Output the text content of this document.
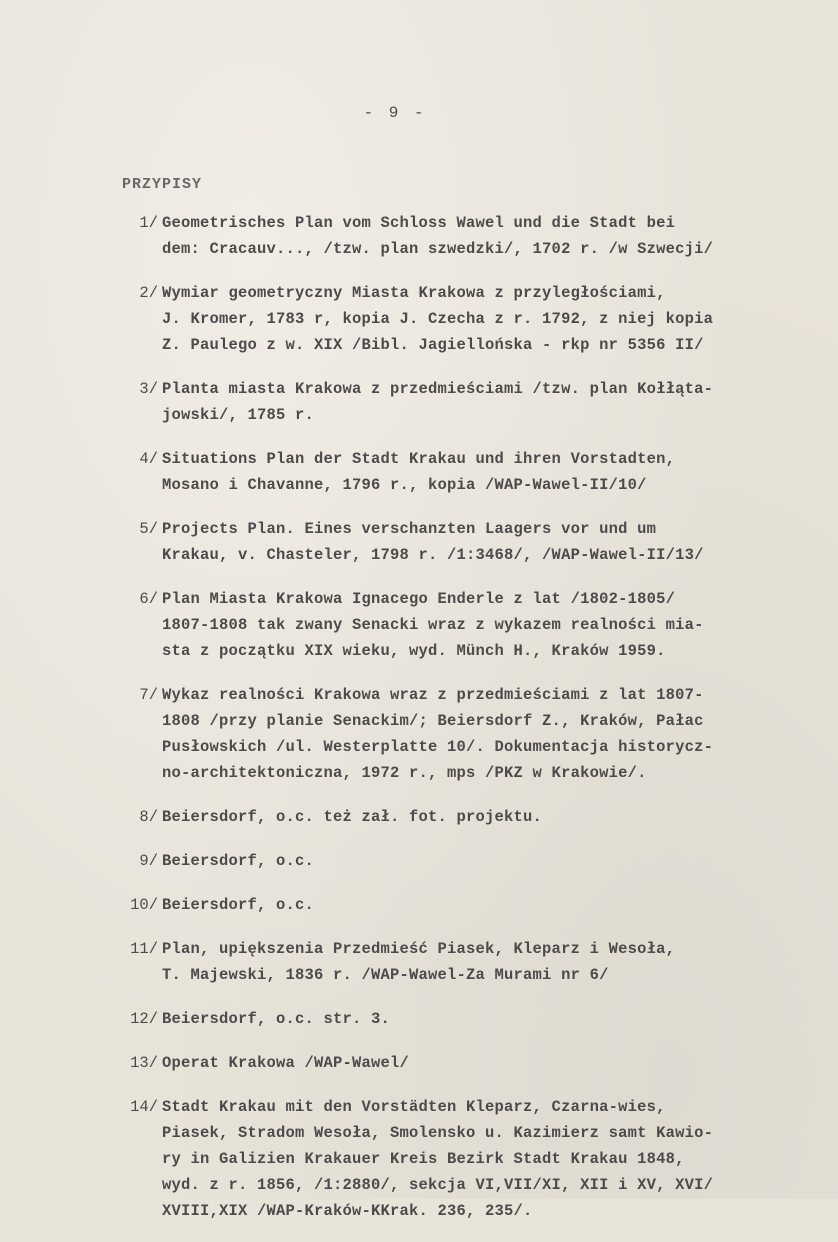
- 9 -
PRZYPISY
1/ Geometrisches Plan vom Schloss Wawel und die Stadt bei
dem: Cracauv..., /tzw. plan szwedzki/, 1702 r. /w Szwecji/
2/ Wymiar geometryczny Miasta Krakowa z przyległościami,
J. Kromer, 1783 r, kopia J. Czecha z r. 1792, z niej kopia
Z. Paulego z w. XIX /Bibl. Jagiellońska - rkp nr 5356 II/
3/ Planta miasta Krakowa z przedmieściami /tzw. plan Kołłąta-
jowski/, 1785 r.
4/ Situations Plan der Stadt Krakau und ihren Vorstadten,
Mosano i Chavanne, 1796 r., kopia /WAP-Wawel-II/10/
5/ Projects Plan. Eines verschanzten Laagers vor und um
Krakau, v. Chasteler, 1798 r. /1:3468/, /WAP-Wawel-II/13/
6/ Plan Miasta Krakowa Ignacego Enderle z lat /1802-1805/
1807-1808 tak zwany Senacki wraz z wykazem realności mia-
sta z początku XIX wieku, wyd. Münch H., Kraków 1959.
7/ Wykaz realności Krakowa wraz z przedmieściami z lat 1807-
1808 /przy planie Senackim/; Beiersdorf Z., Kraków, Pałac
Pusłowskich /ul. Westerplatte 10/. Dokumentacja historycz-
no-architektoniczna, 1972 r., mps /PKZ w Krakowie/.
8/ Beiersdorf, o.c. też zał. fot. projektu.
9/ Beiersdorf, o.c.
10/ Beiersdorf, o.c.
11/ Plan, upiększenia Przedmieść Piasek, Kleparz i Wesoła,
T. Majewski, 1836 r. /WAP-Wawel-Za Murami nr 6/
12/ Beiersdorf, o.c. str. 3.
13/ Operat Krakowa /WAP-Wawel/
14/ Stadt Krakau mit den Vorstädten Kleparz, Czarna-wies,
Piasek, Stradom Wesoła, Smolensko u. Kazimierz samt Kawio-
ry in Galizien Krakauer Kreis Bezirk Stadt Krakau 1848,
wyd. z r. 1856, /1:2880/, sekcja VI,VII/XI, XII i XV, XVI/
XVIII,XIX /WAP-Kraków-KKrak. 236, 235/.
